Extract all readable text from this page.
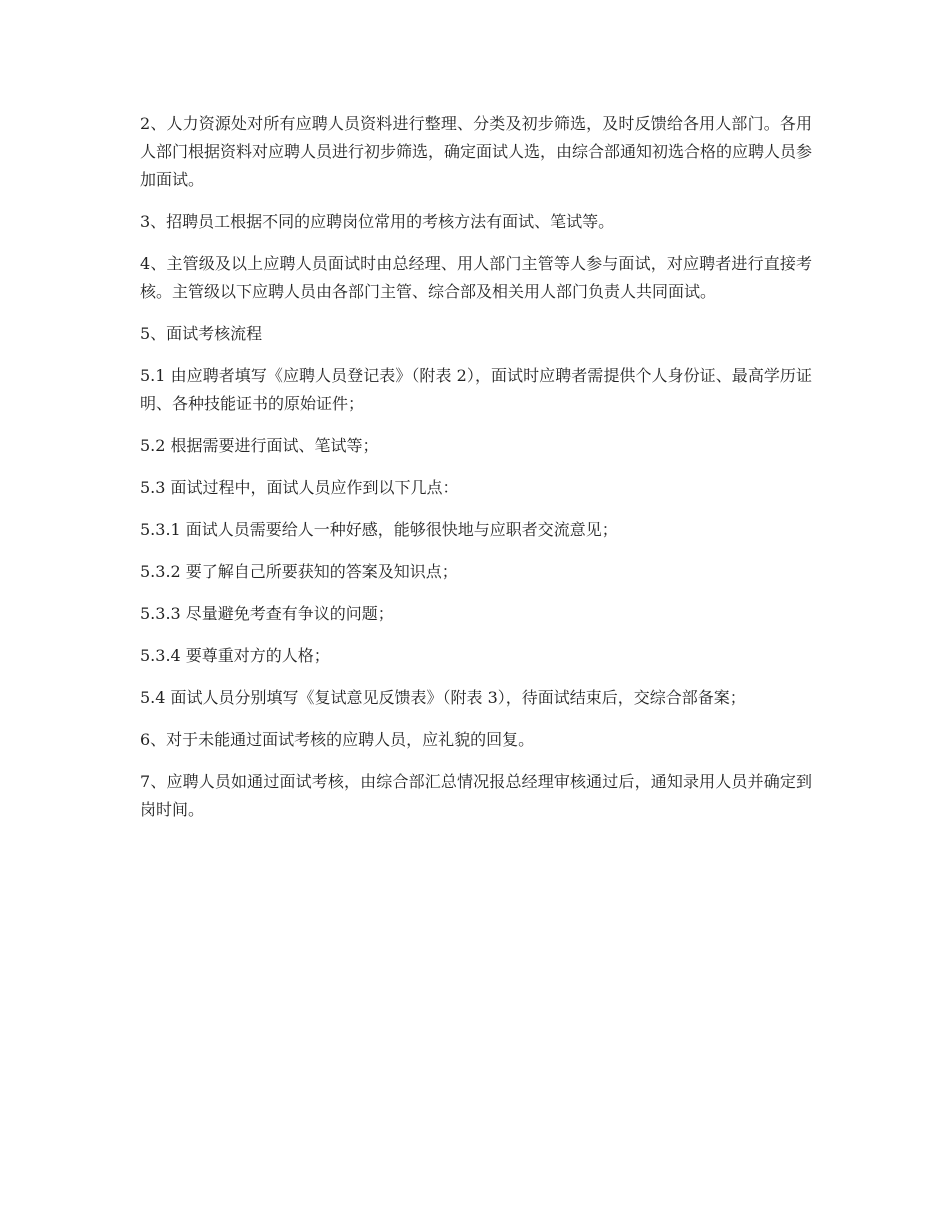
2、人力资源处对所有应聘人员资料进行整理、分类及初步筛选，及时反馈给各用人部门。各用人部门根据资料对应聘人员进行初步筛选，确定面试人选，由综合部通知初选合格的应聘人员参加面试。

3、招聘员工根据不同的应聘岗位常用的考核方法有面试、笔试等。

4、主管级及以上应聘人员面试时由总经理、用人部门主管等人参与面试，对应聘者进行直接考核。主管级以下应聘人员由各部门主管、综合部及相关用人部门负责人共同面试。

5、面试考核流程

5.1 由应聘者填写《应聘人员登记表》（附表 2），面试时应聘者需提供个人身份证、最高学历证明、各种技能证书的原始证件；

5.2 根据需要进行面试、笔试等；

5.3 面试过程中，面试人员应作到以下几点：

5.3.1 面试人员需要给人一种好感，能够很快地与应职者交流意见；

5.3.2 要了解自己所要获知的答案及知识点；

5.3.3 尽量避免考查有争议的问题；

5.3.4 要尊重对方的人格；

5.4 面试人员分别填写《复试意见反馈表》（附表 3），待面试结束后，交综合部备案；

6、对于未能通过面试考核的应聘人员，应礼貌的回复。

7、应聘人员如通过面试考核，由综合部汇总情况报总经理审核通过后，通知录用人员并确定到岗时间。
